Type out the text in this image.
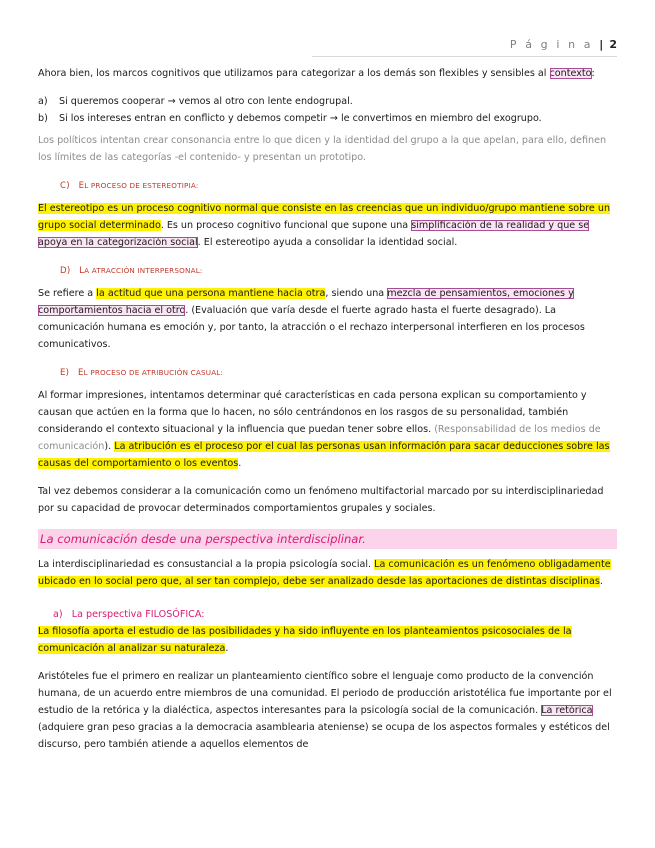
P á g i n a | 2

Ahora bien, los marcos cognitivos que utilizamos para categorizar a los demás son flexibles y sensibles al contexto:

a) Si queremos cooperar → vemos al otro con lente endogrupal.
b) Si los intereses entran en conflicto y debemos competir → le convertimos en miembro del exogrupo.

Los políticos intentan crear consonancia entre lo que dicen y la identidad del grupo a la que apelan, para ello, definen los límites de las categorías -el contenido- y presentan un prototipo.

C) EL PROCESO DE ESTEREOTIPIA:

El estereotipo es un proceso cognitivo normal que consiste en las creencias que un individuo/grupo mantiene sobre un grupo social determinado. Es un proceso cognitivo funcional que supone una simplificación de la realidad y que se apoya en la categorización social. El estereotipo ayuda a consolidar la identidad social.

D) LA ATRACCIÓN INTERPERSONAL:

Se refiere a la actitud que una persona mantiene hacia otra, siendo una mezcla de pensamientos, emociones y comportamientos hacia el otro. (Evaluación que varía desde el fuerte agrado hasta el fuerte desagrado). La comunicación humana es emoción y, por tanto, la atracción o el rechazo interpersonal interfieren en los procesos comunicativos.

E) EL PROCESO DE ATRIBUCIÓN CASUAL:

Al formar impresiones, intentamos determinar qué características en cada persona explican su comportamiento y causan que actúen en la forma que lo hacen, no sólo centrándonos en los rasgos de su personalidad, también considerando el contexto situacional y la influencia que puedan tener sobre ellos. (Responsabilidad de los medios de comunicación). La atribución es el proceso por el cual las personas usan información para sacar deducciones sobre las causas del comportamiento o los eventos.

Tal vez debemos considerar a la comunicación como un fenómeno multifactorial marcado por su interdisciplinariedad por su capacidad de provocar determinados comportamientos grupales y sociales.

La comunicación desde una perspectiva interdisciplinar.

La interdisciplinariedad es consustancial a la propia psicología social. La comunicación es un fenómeno obligadamente ubicado en lo social pero que, al ser tan complejo, debe ser analizado desde las aportaciones de distintas disciplinas.

a) La perspectiva FILOSÓFICA:

La filosofía aporta el estudio de las posibilidades y ha sido influyente en los planteamientos psicosociales de la comunicación al analizar su naturaleza.

Aristóteles fue el primero en realizar un planteamiento científico sobre el lenguaje como producto de la convención humana, de un acuerdo entre miembros de una comunidad. El periodo de producción aristotélica fue importante por el estudio de la retórica y la dialéctica, aspectos interesantes para la psicología social de la comunicación. La retórica (adquiere gran peso gracias a la democracia asamblearia ateniense) se ocupa de los aspectos formales y estéticos del discurso, pero también atiende a aquellos elementos de
